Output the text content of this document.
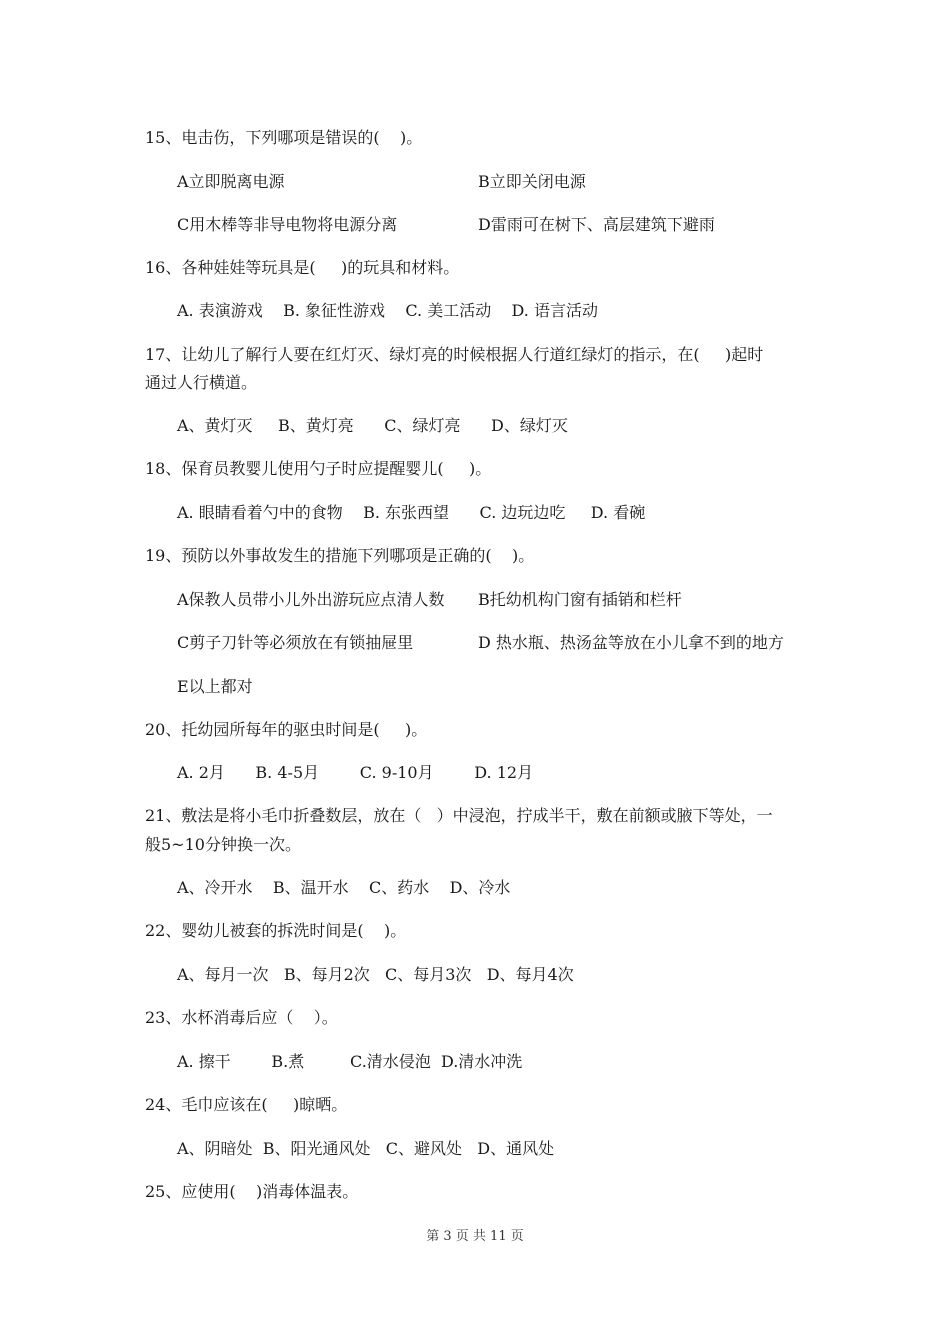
15、电击伤，下列哪项是错误的(    )。
A立即脱离电源	B立即关闭电源
C用木棒等非导电物将电源分离	D雷雨可在树下、高层建筑下避雨
16、各种娃娃等玩具是(     )的玩具和材料。
A. 表演游戏    B. 象征性游戏    C. 美工活动    D. 语言活动
17、让幼儿了解行人要在红灯灭、绿灯亮的时候根据人行道红绿灯的指示，在(     )起时
通过人行横道。
A、黄灯灭     B、黄灯亮      C、绿灯亮      D、绿灯灭
18、保育员教婴儿使用勺子时应提醒婴儿(     )。
A. 眼睛看着勺中的食物    B. 东张西望      C. 边玩边吃     D. 看碗
19、预防以外事故发生的措施下列哪项是正确的(    )。
A保教人员带小儿外出游玩应点清人数 B托幼机构门窗有插销和栏杆
C剪子刀针等必须放在有锁抽屉里	D 热水瓶、热汤盆等放在小儿拿不到的地方
E以上都对
20、托幼园所每年的驱虫时间是(     )。
A. 2月      B. 4-5月        C. 9-10月        D. 12月
21、敷法是将小毛巾折叠数层，放在（   ）中浸泡，拧成半干，敷在前额或腋下等处，一
般5~10分钟换一次。
A、冷开水    B、温开水    C、药水    D、冷水
22、婴幼儿被套的拆洗时间是(    )。
A、每月一次   B、每月2次   C、每月3次   D、每月4次
23、水杯消毒后应（    ）。
A. 擦干        B.煮         C.清水侵泡  D.清水冲洗
24、毛巾应该在(     )晾晒。
A、阴暗处  B、阳光通风处   C、避风处   D、通风处
25、应使用(    )消毒体温表。
第 3 页 共 11 页
